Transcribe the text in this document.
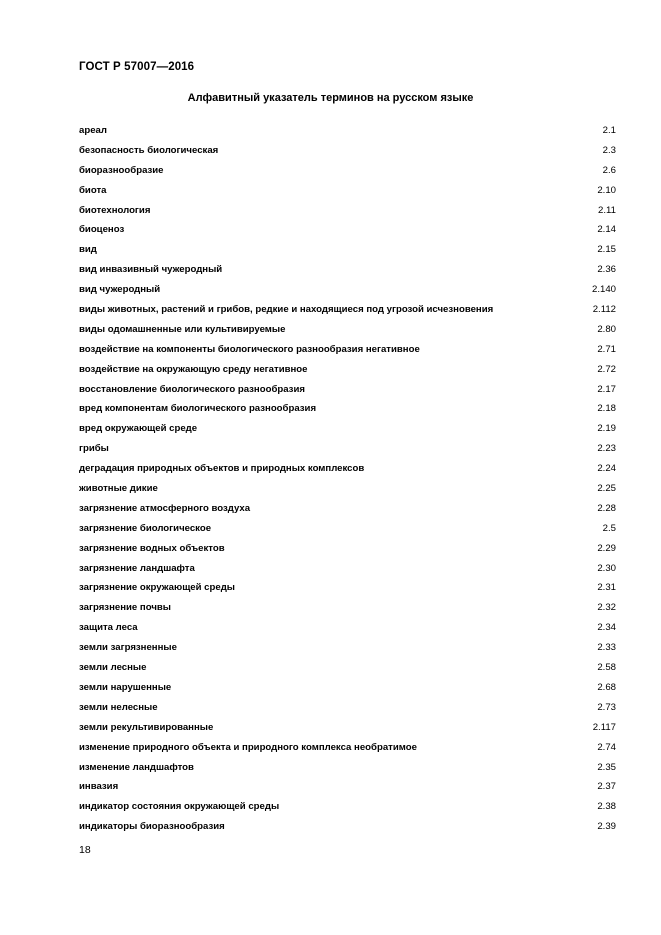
ГОСТ Р 57007—2016
Алфавитный указатель терминов на русском языке
ареал	2.1
безопасность биологическая	2.3
биоразнообразие	2.6
биота	2.10
биотехнология	2.11
биоценоз	2.14
вид	2.15
вид инвазивный чужеродный	2.36
вид чужеродный	2.140
виды животных, растений и грибов, редкие и находящиеся под угрозой исчезновения	2.112
виды одомашненные или культивируемые	2.80
воздействие на компоненты биологического разнообразия негативное	2.71
воздействие на окружающую среду негативное	2.72
восстановление биологического разнообразия	2.17
вред компонентам биологического разнообразия	2.18
вред окружающей среде	2.19
грибы	2.23
деградация природных объектов и природных комплексов	2.24
животные дикие	2.25
загрязнение атмосферного воздуха	2.28
загрязнение биологическое	2.5
загрязнение водных объектов	2.29
загрязнение ландшафта	2.30
загрязнение окружающей среды	2.31
загрязнение почвы	2.32
защита леса	2.34
земли загрязненные	2.33
земли лесные	2.58
земли нарушенные	2.68
земли нелесные	2.73
земли рекультивированные	2.117
изменение природного объекта и природного комплекса необратимое	2.74
изменение ландшафтов	2.35
инвазия	2.37
индикатор состояния окружающей среды	2.38
индикаторы биоразнообразия	2.39
18
